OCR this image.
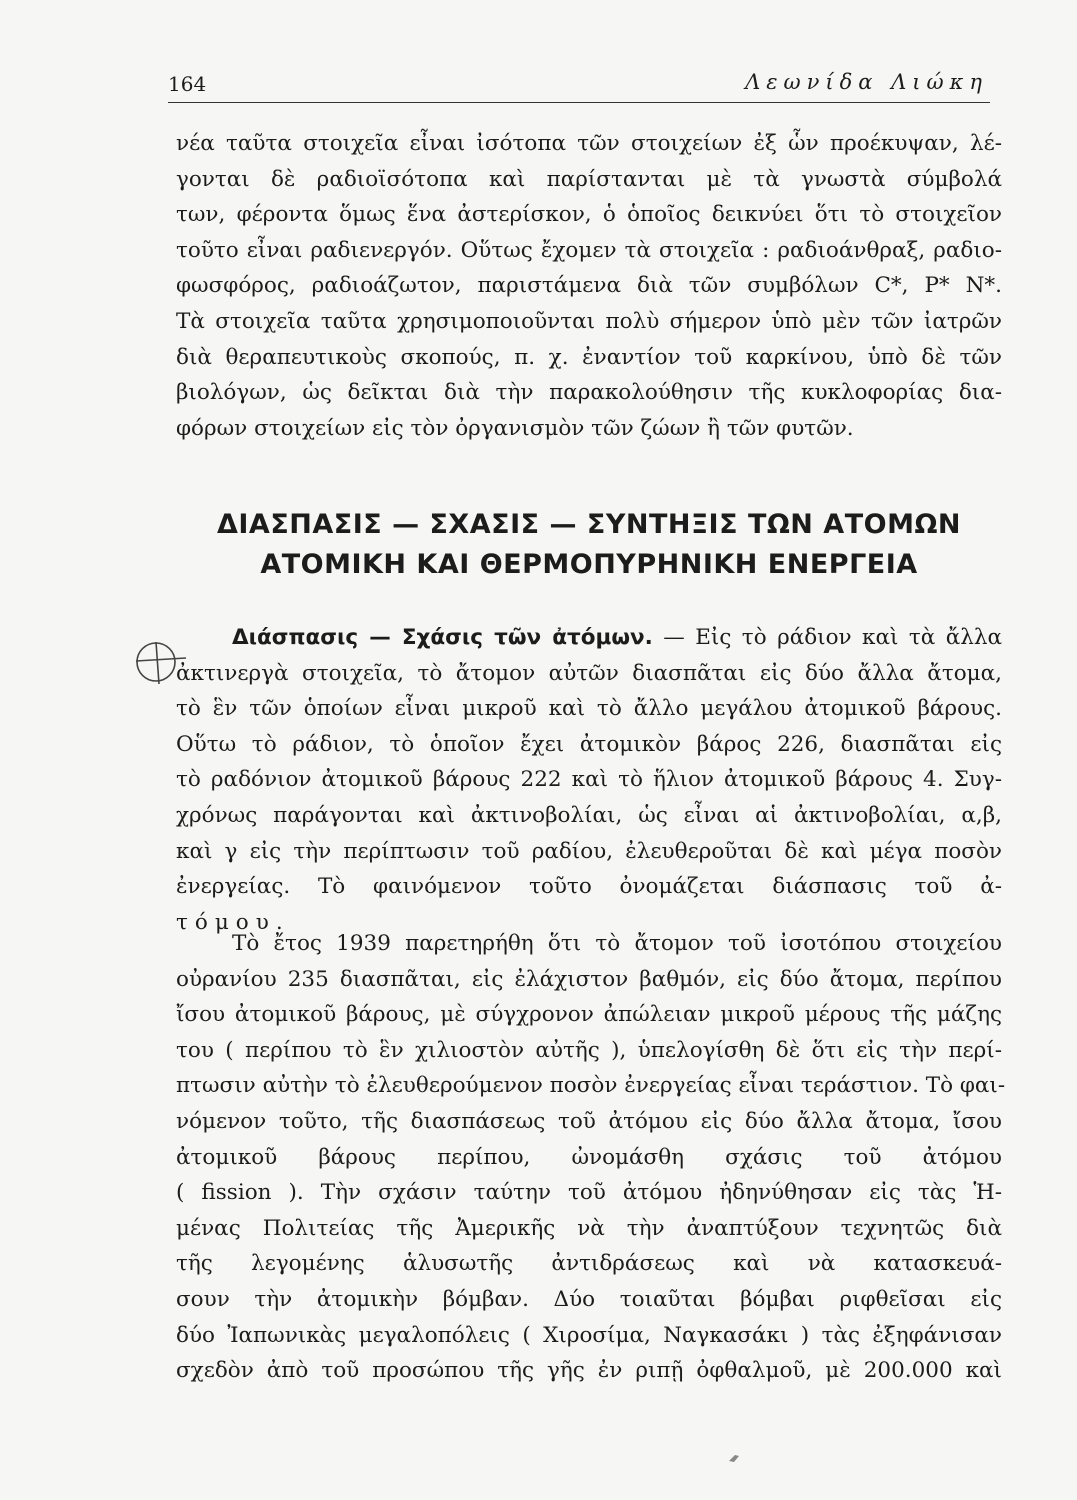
164	Λεωνίδα Λιώκη
νέα ταῦτα στοιχεῖα εἶναι ἰσότοπα τῶν στοιχείων ἐξ ὧν προέκυψαν, λέ-
γονται δὲ ραδιοϊσότοπα καὶ παρίστανται μὲ τὰ γνωστὰ σύμβολά
των, φέροντα ὅμως ἕνα ἀστερίσκον, ὁ ὁποῖος δεικνύει ὅτι τὸ στοιχεῖον
τοῦτο εἶναι ραδιενεργόν. Οὕτως ἔχομεν τὰ στοιχεῖα : ραδιοάνθραξ, ραδιο-
φωσφόρος, ραδιοάζωτον, παριστάμενα διὰ τῶν συμβόλων C*, P* N*.
Τὰ στοιχεῖα ταῦτα χρησιμοποιοῦνται πολὺ σήμερον ὑπὸ μὲν τῶν ἰατρῶν
διὰ θεραπευτικοὺς σκοπούς, π. χ. ἐναντίον τοῦ καρκίνου, ὑπὸ δὲ τῶν
βιολόγων, ὡς δεῖκται διὰ τὴν παρακολούθησιν τῆς κυκλοφορίας δια-
φόρων στοιχείων εἰς τὸν ὀργανισμὸν τῶν ζώων ἢ τῶν φυτῶν.
ΔΙΑΣΠΑΣΙΣ — ΣΧΑΣΙΣ — ΣΥΝΤΗΞΙΣ ΤΩΝ ΑΤΟΜΩΝ
ΑΤΟΜΙΚΗ ΚΑΙ ΘΕΡΜΟΠΥΡΗΝΙΚΗ ΕΝΕΡΓΕΙΑ
Διάσπασις — Σχάσις τῶν ἀτόμων. — Εἰς τὸ ράδιον καὶ τὰ ἄλλα
ἀκτινεργὰ στοιχεῖα, τὸ ἄτομον αὐτῶν διασπᾶται εἰς δύο ἄλλα ἄτομα,
τὸ ἓν τῶν ὁποίων εἶναι μικροῦ καὶ τὸ ἄλλο μεγάλου ἀτομικοῦ βάρους.
Οὕτω τὸ ράδιον, τὸ ὁποῖον ἔχει ἀτομικὸν βάρος 226, διασπᾶται εἰς
τὸ ραδόνιον ἀτομικοῦ βάρους 222 καὶ τὸ ἥλιον ἀτομικοῦ βάρους 4. Συγ-
χρόνως παράγονται καὶ ἀκτινοβολίαι, ὡς εἶναι αἱ ἀκτινοβολίαι, α,β,
καὶ γ εἰς τὴν περίπτωσιν τοῦ ραδίου, ἐλευθεροῦται δὲ καὶ μέγα ποσὸν
ἐνεργείας. Τὸ φαινόμενον τοῦτο ὀνομάζεται διάσπασις τοῦ ἀ-
τόμου.
Τὸ ἔτος 1939 παρετηρήθη ὅτι τὸ ἄτομον τοῦ ἰσοτόπου στοιχείου
οὐρανίου 235 διασπᾶται, εἰς ἐλάχιστον βαθμόν, εἰς δύο ἄτομα, περίπου
ἴσου ἀτομικοῦ βάρους, μὲ σύγχρονον ἀπώλειαν μικροῦ μέρους τῆς μάζης
του ( περίπου τὸ ἓν χιλιοστὸν αὐτῆς ), ὑπελογίσθη δὲ ὅτι εἰς τὴν περί-
πτωσιν αὐτὴν τὸ ἐλευθερούμενον ποσὸν ἐνεργείας εἶναι τεράστιον. Τὸ φαι-
νόμενον τοῦτο, τῆς διασπάσεως τοῦ ἀτόμου εἰς δύο ἄλλα ἄτομα, ἴσου
ἀτομικοῦ βάρους περίπου, ὠνομάσθη σχάσις τοῦ ἀτόμου
( fission ). Τὴν σχάσιν ταύτην τοῦ ἀτόμου ἠδηνύθησαν εἰς τὰς Ἡ-
μένας Πολιτείας τῆς Ἀμερικῆς νὰ τὴν ἀναπτύξουν τεχνητῶς διὰ
τῆς λεγομένης ἁλυσωτῆς ἀντιδράσεως καὶ νὰ κατασκευά-
σουν τὴν ἀτομικὴν βόμβαν. Δύο τοιαῦται βόμβαι ριφθεῖσαι εἰς
δύο Ἰαπωνικὰς μεγαλοπόλεις ( Χιροσίμα, Ναγκασάκι ) τὰς ἐξηφάνισαν
σχεδὸν ἀπὸ τοῦ προσώπου τῆς γῆς ἐν ριπῇ ὀφθαλμοῦ, μὲ 200.000 καὶ
